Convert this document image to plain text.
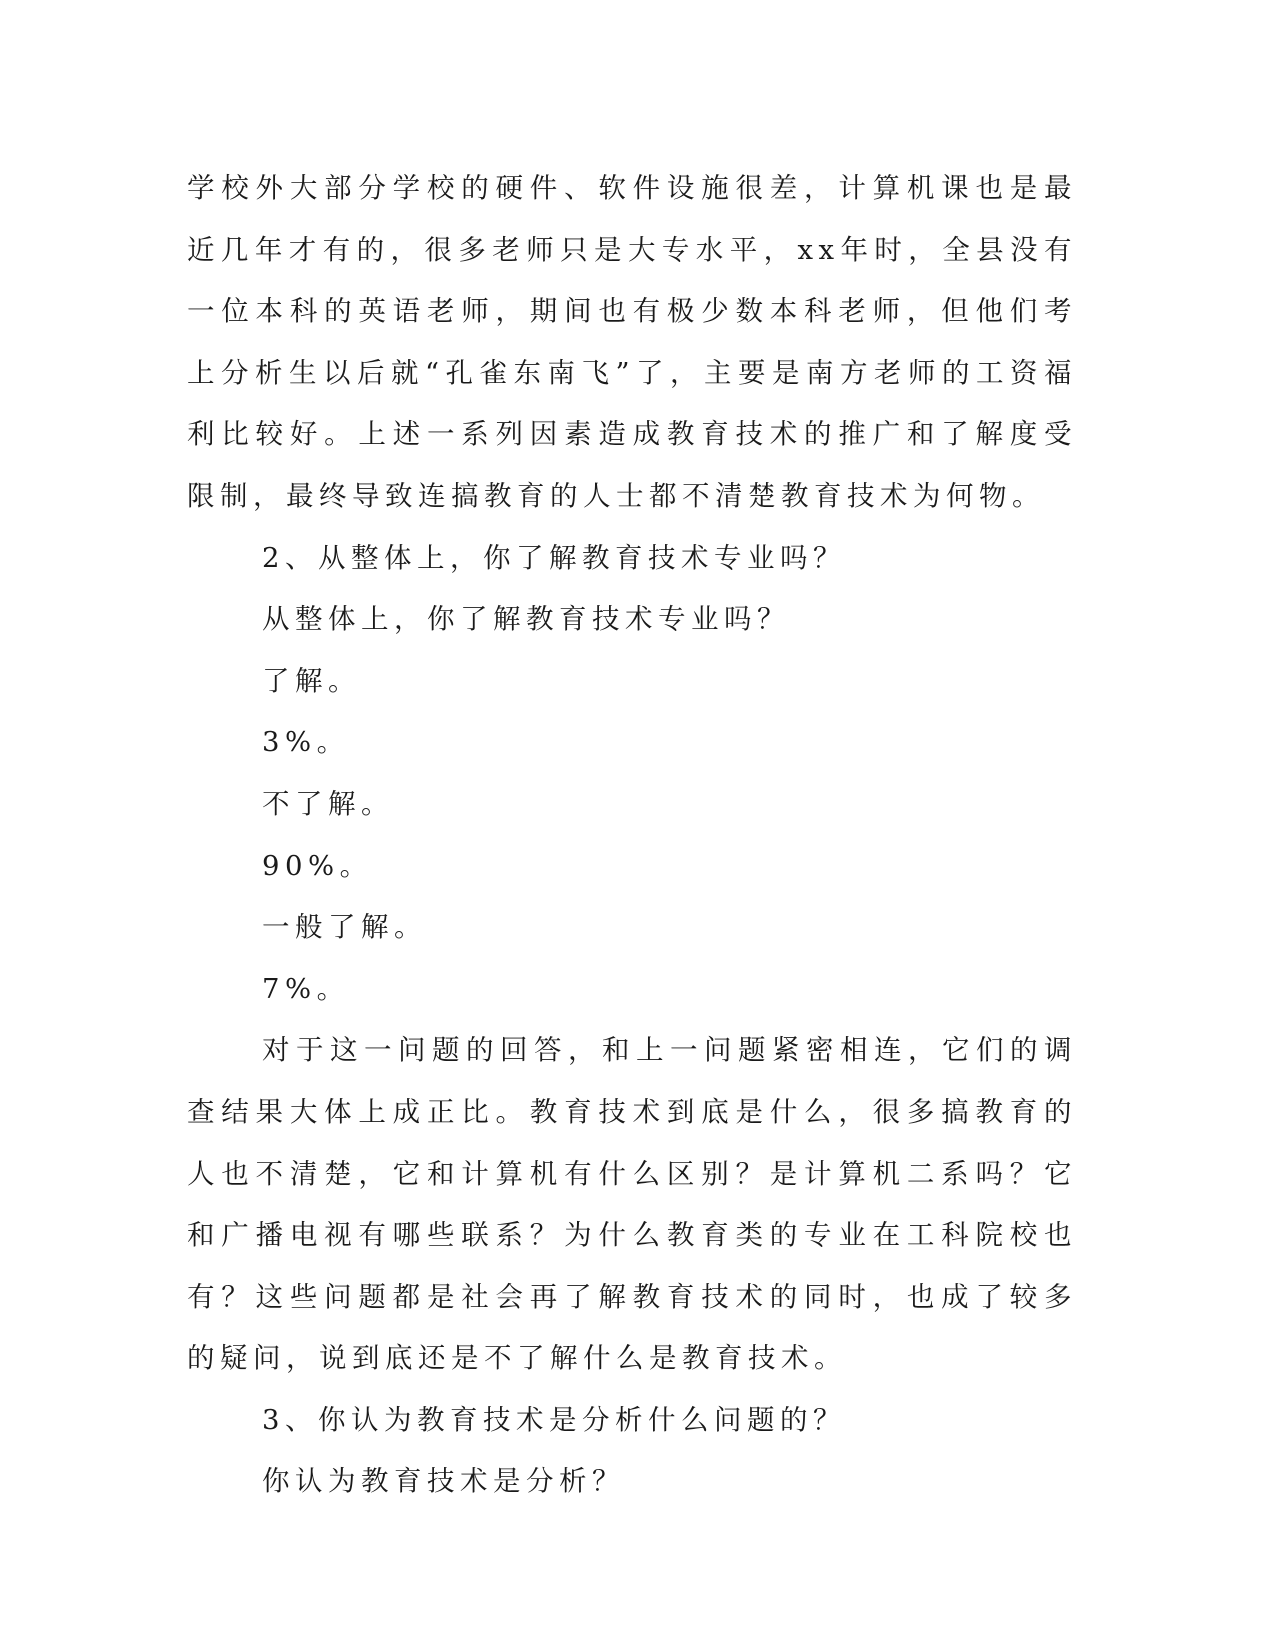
学校外大部分学校的硬件、软件设施很差，计算机课也是最近几年才有的，很多老师只是大专水平，xx年时，全县没有一位本科的英语老师，期间也有极少数本科老师，但他们考上分析生以后就“孔雀东南飞”了，主要是南方老师的工资福利比较好。上述一系列因素造成教育技术的推广和了解度受限制，最终导致连搞教育的人士都不清楚教育技术为何物。

2、从整体上，你了解教育技术专业吗？

从整体上，你了解教育技术专业吗？

了解。

3%。

不了解。

90%。

一般了解。

7%。

对于这一问题的回答，和上一问题紧密相连，它们的调查结果大体上成正比。教育技术到底是什么，很多搞教育的人也不清楚，它和计算机有什么区别？是计算机二系吗？它和广播电视有哪些联系？为什么教育类的专业在工科院校也有？这些问题都是社会再了解教育技术的同时，也成了较多的疑问，说到底还是不了解什么是教育技术。

3、你认为教育技术是分析什么问题的？

你认为教育技术是分析？
